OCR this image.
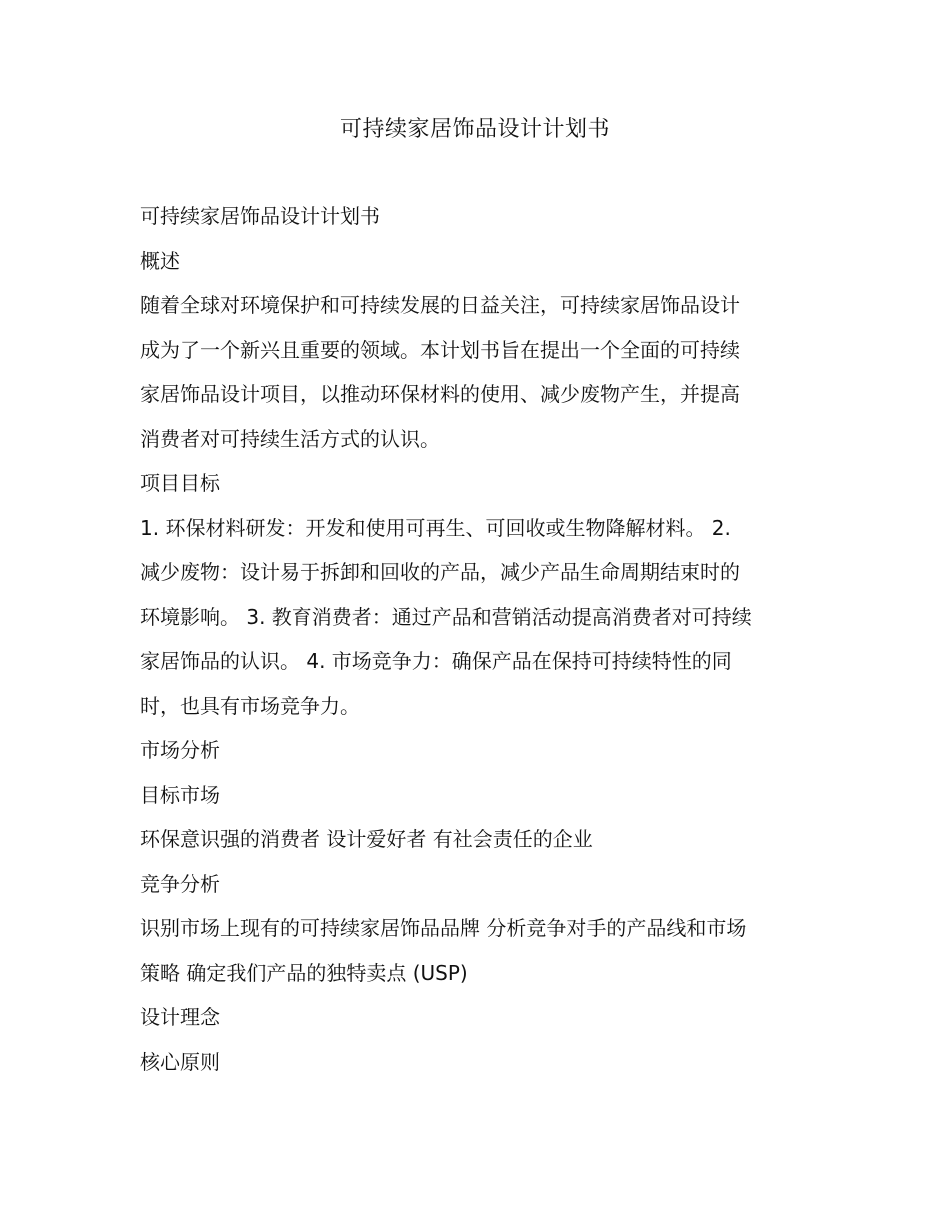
可持续家居饰品设计计划书

可持续家居饰品设计计划书

概述

随着全球对环境保护和可持续发展的日益关注，可持续家居饰品设计

成为了一个新兴且重要的领域。本计划书旨在提出一个全面的可持续

家居饰品设计项目，以推动环保材料的使用、减少废物产生，并提高

消费者对可持续生活方式的认识。

项目目标

1. 环保材料研发：开发和使用可再生、可回收或生物降解材料。 2.

减少废物：设计易于拆卸和回收的产品，减少产品生命周期结束时的

环境影响。 3. 教育消费者：通过产品和营销活动提高消费者对可持续

家居饰品的认识。 4. 市场竞争力：确保产品在保持可持续特性的同

时，也具有市场竞争力。

市场分析

目标市场

环保意识强的消费者 设计爱好者 有社会责任的企业

竞争分析

识别市场上现有的可持续家居饰品品牌 分析竞争对手的产品线和市场

策略 确定我们产品的独特卖点 (USP)

设计理念

核心原则
